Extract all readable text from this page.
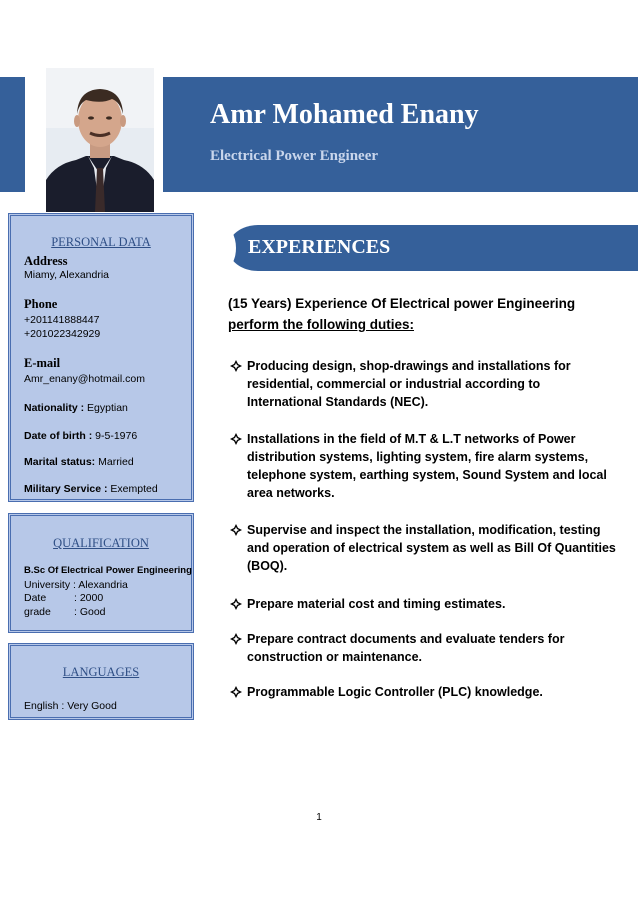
Amr Mohamed Enany
Electrical Power Engineer
PERSONAL DATA
Address
Miamy, Alexandria
Phone
+201141888447
+201022342929
E-mail
Amr_enany@hotmail.com
Nationality : Egyptian
Date of birth : 9-5-1976
Marital status: Married
Military Service : Exempted
QUALIFICATION
B.Sc Of Electrical Power Engineering
University : Alexandria
Date	: 2000
grade : Good
LANGUAGES
English : Very Good
EXPERIENCES
(15 Years) Experience Of Electrical power Engineering
perform the following duties:
Producing design, shop-drawings and installations for
residential, commercial or industrial according to
International Standards (NEC).
Installations in the field of M.T & L.T networks of Power
distribution systems, lighting system, fire alarm systems,
telephone system, earthing system, Sound System and local
area networks.
Supervise and inspect the installation, modification, testing
and operation of electrical system as well as Bill Of Quantities
(BOQ).
Prepare material cost and timing estimates.
Prepare contract documents and evaluate tenders for
construction or maintenance.
Programmable Logic Controller (PLC) knowledge.
1
